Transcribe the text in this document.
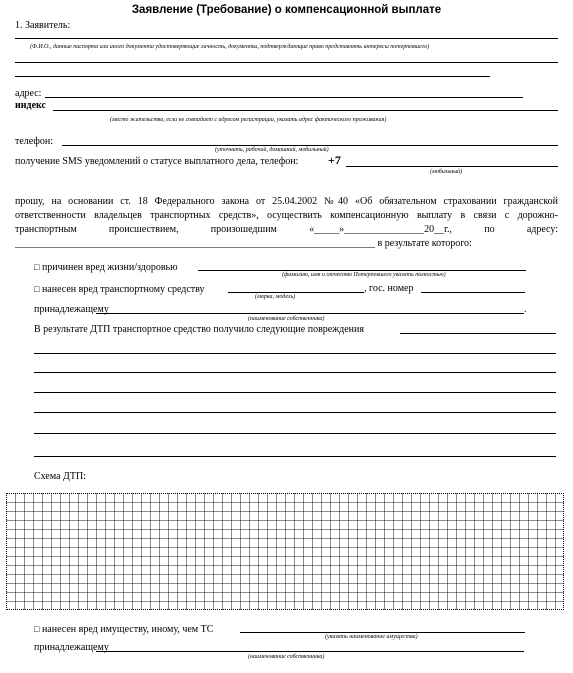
Заявление (Требование) о компенсационной выплате
1. Заявитель:
(Ф.И.О., данные паспорта или иного документа удостоверяющие личность, документы, подтверждающие право представлять интересы потерпевшего)
адрес:
индекс
(место жительства, если не совпадает с адресом регистрации, указать адрес фактического проживания)
телефон:
(уточнить, рабочий, домашний, мобильный)
получение SMS уведомлений о статусе выплатного дела, телефон: +7
(мобильный)
прошу, на основании ст. 18 Федерального закона от 25.04.2002 №40 «Об обязательном страховании гражданской ответственности владельцев транспортных средств», осуществить компенсационную выплату в связи с дорожно-транспортным происшествием, произошедшим «_____»________________20__г., по адресу: ________________________________________________________________________ в результате которого:
□ причинен вред жизни/здоровью
(фамилию, имя и отчество Потерпевшего указать полностью)
□ нанесен вред транспортному средству	, гос. номер
(марка, модель)
принадлежащему	.
(наименование собственника)
В результате ДТП транспортное средство получило следующие повреждения
Схема ДТП:
□ нанесен вред имуществу, иному, чем ТС
(указать наименование имущества)
принадлежащему
(наименование собственника)
